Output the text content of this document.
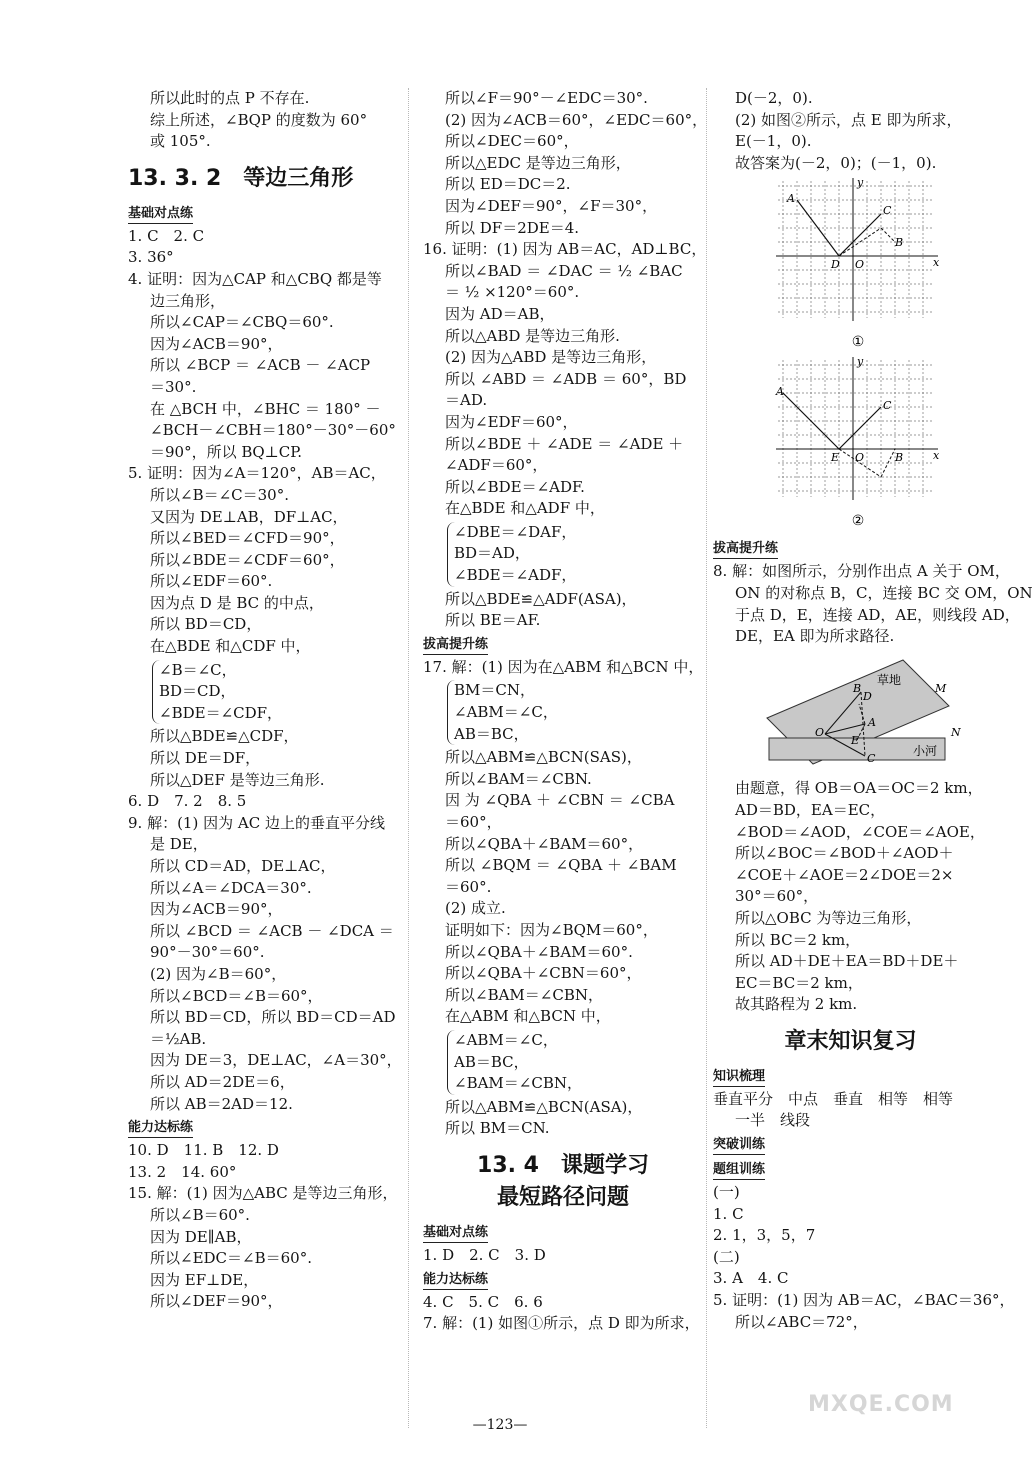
所以此时的点 P 不存在.
综上所述，∠BQP 的度数为 60°
或 105°.
13. 3. 2　等边三角形
基础对点练
1. C　2. C
3. 36°
4. 证明：因为△CAP 和△CBQ 都是等
边三角形，
所以∠CAP＝∠CBQ＝60°.
因为∠ACB＝90°，
所以 ∠BCP ＝ ∠ACB － ∠ACP
＝30°.
在 △BCH 中，∠BHC ＝ 180° －
∠BCH－∠CBH＝180°－30°－60°
＝90°，所以 BQ⊥CP.
5. 证明：因为∠A＝120°，AB＝AC，
所以∠B＝∠C＝30°.
又因为 DE⊥AB，DF⊥AC，
所以∠BED＝∠CFD＝90°，
所以∠BDE＝∠CDF＝60°，
所以∠EDF＝60°.
因为点 D 是 BC 的中点，
所以 BD＝CD，
在△BDE 和△CDF 中，
∠B＝∠C，
BD＝CD，
∠BDE＝∠CDF，
所以△BDE≌△CDF，
所以 DE＝DF，
所以△DEF 是等边三角形.
6. D　7. 2　8. 5
9. 解：(1) 因为 AC 边上的垂直平分线
是 DE，
所以 CD＝AD，DE⊥AC，
所以∠A＝∠DCA＝30°.
因为∠ACB＝90°，
所以 ∠BCD ＝ ∠ACB － ∠DCA ＝
90°－30°＝60°.
(2) 因为∠B＝60°，
所以∠BCD＝∠B＝60°，
所以 BD＝CD，所以 BD＝CD＝AD
＝½AB.
因为 DE＝3，DE⊥AC，∠A＝30°，
所以 AD＝2DE＝6，
所以 AB＝2AD＝12.
能力达标练
10. D　11. B　12. D
13. 2　14. 60°
15. 解：(1) 因为△ABC 是等边三角形，
所以∠B＝60°.
因为 DE∥AB，
所以∠EDC＝∠B＝60°.
因为 EF⊥DE，
所以∠DEF＝90°，
所以∠F＝90°－∠EDC＝30°.
(2) 因为∠ACB＝60°，∠EDC＝60°，
所以∠DEC＝60°，
所以△EDC 是等边三角形，
所以 ED＝DC＝2.
因为∠DEF＝90°，∠F＝30°，
所以 DF＝2DE＝4.
16. 证明：(1) 因为 AB＝AC，AD⊥BC，
所以∠BAD ＝ ∠DAC ＝ ½ ∠BAC
＝ ½ ×120°＝60°.
因为 AD＝AB，
所以△ABD 是等边三角形.
(2) 因为△ABD 是等边三角形，
所以 ∠ABD ＝ ∠ADB ＝ 60°，BD
＝AD.
因为∠EDF＝60°，
所以∠BDE ＋ ∠ADE ＝ ∠ADE ＋
∠ADF＝60°，
所以∠BDE＝∠ADF.
在△BDE 和△ADF 中，
∠DBE＝∠DAF，
BD＝AD，
∠BDE＝∠ADF，
所以△BDE≌△ADF(ASA)，
所以 BE＝AF.
拔高提升练
17. 解：(1) 因为在△ABM 和△BCN 中，
BM＝CN，
∠ABM＝∠C，
AB＝BC，
所以△ABM≌△BCN(SAS)，
所以∠BAM＝∠CBN.
因 为 ∠QBA ＋ ∠CBN ＝ ∠CBA
＝60°，
所以∠QBA＋∠BAM＝60°，
所以 ∠BQM ＝ ∠QBA ＋ ∠BAM
＝60°.
(2) 成立.
证明如下：因为∠BQM＝60°，
所以∠QBA＋∠BAM＝60°.
所以∠QBA＋∠CBN＝60°，
所以∠BAM＝∠CBN，
在△ABM 和△BCN 中，
∠ABM＝∠C，
AB＝BC，
∠BAM＝∠CBN，
所以△ABM≌△BCN(ASA)，
所以 BM＝CN.
13. 4　课题学习
最短路径问题
基础对点练
1. D　2. C　3. D
能力达标练
4. C　5. C　6. 6
7. 解：(1) 如图①所示，点 D 即为所求，
D(－2，0).
(2) 如图②所示，点 E 即为所求，
E(－1，0).
故答案为(－2，0)；(－1，0).
y
x
A
C
B
D O
①
y
x
A
C
B
E O
②
拔高提升练
8. 解：如图所示，分别作出点 A 关于 OM，
ON 的对称点 B，C，连接 BC 交 OM，ON
于点 D，E，连接 AD，AE，则线段 AD，
DE，EA 即为所求路径.
草地
小河
M
N
O
B
D
A
E
C
由题意，得 OB＝OA＝OC＝2 km，
AD＝BD，EA＝EC，
∠BOD＝∠AOD，∠COE＝∠AOE，
所以∠BOC＝∠BOD＋∠AOD＋
∠COE＋∠AOE＝2∠DOE＝2×
30°＝60°，
所以△OBC 为等边三角形，
所以 BC＝2 km，
所以 AD＋DE＋EA＝BD＋DE＋
EC＝BC＝2 km，
故其路程为 2 km.
章末知识复习
知识梳理
垂直平分　中点　垂直　相等　相等
一半　线段
突破训练
题组训练
(一)
1. C
2. 1，3，5，7
(二)
3. A　4. C
5. 证明：(1) 因为 AB＝AC，∠BAC＝36°，
所以∠ABC＝72°，
—123—
MXQE.COM
